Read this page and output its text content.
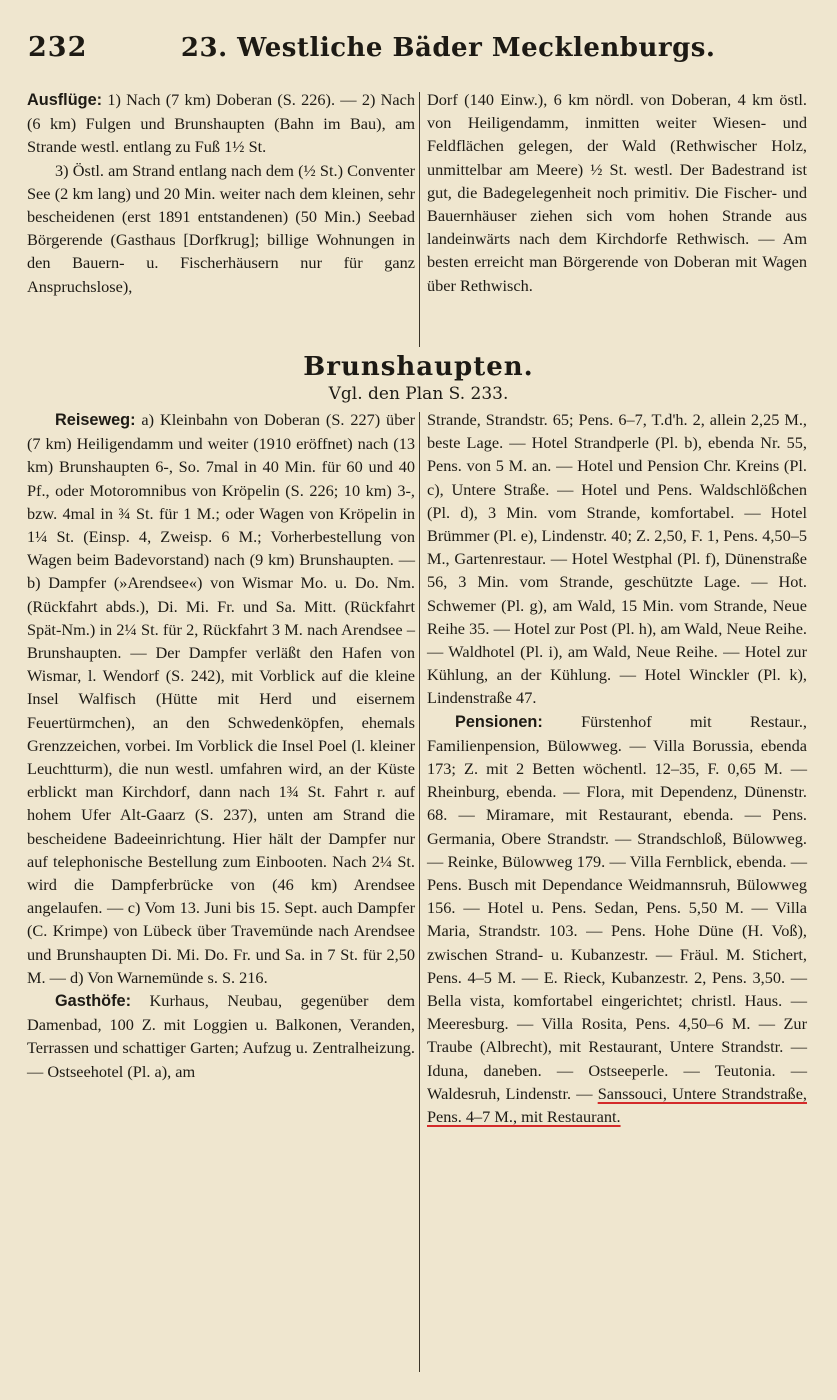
232	23. Westliche Bäder Mecklenburgs.

Ausflüge: 1) Nach (7 km) Doberan (S. 226). — 2) Nach (6 km) Fulgen und Brunshaupten (Bahn im Bau), am Strande westl. entlang zu Fuß 1½ St.

3) Östl. am Strand entlang nach dem (½ St.) Conventer See (2 km lang) und 20 Min. weiter nach dem kleinen, sehr bescheidenen (erst 1891 entstandenen) (50 Min.) Seebad Börgerende (Gasthaus [Dorfkrug]; billige Wohnungen in den Bauern- u. Fischerhäusern nur für ganz Anspruchslose),

Dorf (140 Einw.), 6 km nördl. von Doberan, 4 km östl. von Heiligendamm, inmitten weiter Wiesen- und Feldflächen gelegen, der Wald (Rethwischer Holz, unmittelbar am Meere) ½ St. westl. Der Badestrand ist gut, die Badegelegenheit noch primitiv. Die Fischer- und Bauernhäuser ziehen sich vom hohen Strande aus landeinwärts nach dem Kirchdorfe Rethwisch. — Am besten erreicht man Börgerende von Doberan mit Wagen über Rethwisch.

Brunshaupten.
Vgl. den Plan S. 233.

Reiseweg: a) Kleinbahn von Doberan (S. 227) über (7 km) Heiligendamm und weiter (1910 eröffnet) nach (13 km) Brunshaupten 6-, So. 7mal in 40 Min. für 60 und 40 Pf., oder Motoromnibus von Kröpelin (S. 226; 10 km) 3-, bzw. 4mal in ¾ St. für 1 M.; oder Wagen von Kröpelin in 1¼ St. (Einsp. 4, Zweisp. 6 M.; Vorherbestellung von Wagen beim Badevorstand) nach (9 km) Brunshaupten. — b) Dampfer (»Arendsee«) von Wismar Mo. u. Do. Nm. (Rückfahrt abds.), Di. Mi. Fr. und Sa. Mitt. (Rückfahrt Spät-Nm.) in 2¼ St. für 2, Rückfahrt 3 M. nach Arendsee – Brunshaupten. — Der Dampfer verläßt den Hafen von Wismar, l. Wendorf (S. 242), mit Vorblick auf die kleine Insel Walfisch (Hütte mit Herd und eisernem Feuertürmchen), an den Schwedenköpfen, ehemals Grenzzeichen, vorbei. Im Vorblick die Insel Poel (l. kleiner Leuchtturm), die nun westl. umfahren wird, an der Küste erblickt man Kirchdorf, dann nach 1¾ St. Fahrt r. auf hohem Ufer Alt-Gaarz (S. 237), unten am Strand die bescheidene Badeeinrichtung. Hier hält der Dampfer nur auf telephonische Bestellung zum Einbooten. Nach 2¼ St. wird die Dampferbrücke von (46 km) Arendsee angelaufen. — c) Vom 13. Juni bis 15. Sept. auch Dampfer (C. Krimpe) von Lübeck über Travemünde nach Arendsee und Brunshaupten Di. Mi. Do. Fr. und Sa. in 7 St. für 2,50 M. — d) Von Warnemünde s. S. 216.

Gasthöfe: Kurhaus, Neubau, gegenüber dem Damenbad, 100 Z. mit Loggien u. Balkonen, Veranden, Terrassen und schattiger Garten; Aufzug u. Zentralheizung. — Ostseehotel (Pl. a), am

Strande, Strandstr. 65; Pens. 6–7, T.d'h. 2, allein 2,25 M., beste Lage. — Hotel Strandperle (Pl. b), ebenda Nr. 55, Pens. von 5 M. an. — Hotel und Pension Chr. Kreins (Pl. c), Untere Straße. — Hotel und Pens. Waldschlößchen (Pl. d), 3 Min. vom Strande, komfortabel. — Hotel Brümmer (Pl. e), Lindenstr. 40; Z. 2,50, F. 1, Pens. 4,50–5 M., Gartenrestaur. — Hotel Westphal (Pl. f), Dünenstraße 56, 3 Min. vom Strande, geschützte Lage. — Hot. Schwemer (Pl. g), am Wald, 15 Min. vom Strande, Neue Reihe 35. — Hotel zur Post (Pl. h), am Wald, Neue Reihe. — Waldhotel (Pl. i), am Wald, Neue Reihe. — Hotel zur Kühlung, an der Kühlung. — Hotel Winckler (Pl. k), Lindenstraße 47.

Pensionen: Fürstenhof mit Restaur., Familienpension, Bülowweg. — Villa Borussia, ebenda 173; Z. mit 2 Betten wöchentl. 12–35, F. 0,65 M. — Rheinburg, ebenda. — Flora, mit Dependenz, Dünenstr. 68. — Miramare, mit Restaurant, ebenda. — Pens. Germania, Obere Strandstr. — Strandschloß, Bülowweg. — Reinke, Bülowweg 179. — Villa Fernblick, ebenda. — Pens. Busch mit Dependance Weidmannsruh, Bülowweg 156. — Hotel u. Pens. Sedan, Pens. 5,50 M. — Villa Maria, Strandstr. 103. — Pens. Hohe Düne (H. Voß), zwischen Strand- u. Kubanzestr. — Fräul. M. Stichert, Pens. 4–5 M. — E. Rieck, Kubanzestr. 2, Pens. 3,50. — Bella vista, komfortabel eingerichtet; christl. Haus. — Meeresburg. — Villa Rosita, Pens. 4,50–6 M. — Zur Traube (Albrecht), mit Restaurant, Untere Strandstr. — Iduna, daneben. — Ostseeperle. — Teutonia. — Waldesruh, Lindenstr. — Sanssouci, Untere Strandstraße, Pens. 4–7 M., mit Restaurant.
